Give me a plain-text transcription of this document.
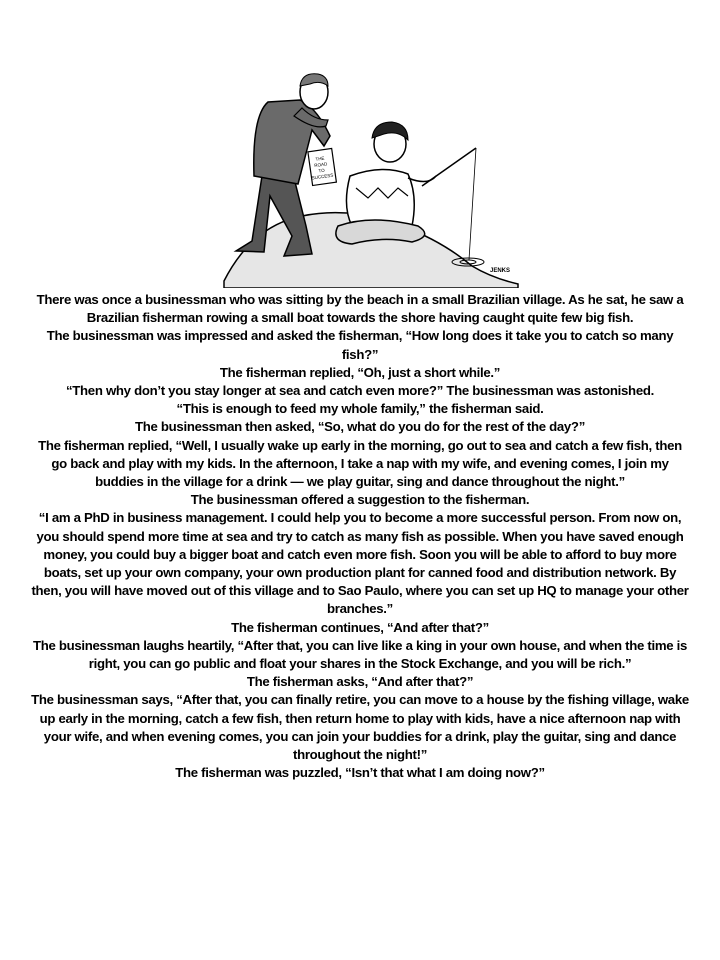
THE
ROAD
TO
SUCCESS
JENKS

There was once a businessman who was sitting by the beach in a small Brazilian village. As he sat, he saw a Brazilian fisherman rowing a small boat towards the shore having caught quite few big fish.

The businessman was impressed and asked the fisherman, “How long does it take you to catch so many fish?”

The fisherman replied, “Oh, just a short while.”

“Then why don’t you stay longer at sea and catch even more?” The businessman was astonished.

“This is enough to feed my whole family,” the fisherman said.

The businessman then asked, “So, what do you do for the rest of the day?”

The fisherman replied, “Well, I usually wake up early in the morning, go out to sea and catch a few fish, then go back and play with my kids. In the afternoon, I take a nap with my wife, and evening comes, I join my buddies in the village for a drink — we play guitar, sing and dance throughout the night.”

The businessman offered a suggestion to the fisherman.

“I am a PhD in business management. I could help you to become a more successful person. From now on, you should spend more time at sea and try to catch as many fish as possible. When you have saved enough money, you could buy a bigger boat and catch even more fish. Soon you will be able to afford to buy more boats, set up your own company, your own production plant for canned food and distribution network. By then, you will have moved out of this village and to Sao Paulo, where you can set up HQ to manage your other branches.”

The fisherman continues, “And after that?”

The businessman laughs heartily, “After that, you can live like a king in your own house, and when the time is right, you can go public and float your shares in the Stock Exchange, and you will be rich.”

The fisherman asks, “And after that?”

The businessman says, “After that, you can finally retire, you can move to a house by the fishing village, wake up early in the morning, catch a few fish, then return home to play with kids, have a nice afternoon nap with your wife, and when evening comes, you can join your buddies for a drink, play the guitar, sing and dance throughout the night!”

The fisherman was puzzled, “Isn’t that what I am doing now?”
